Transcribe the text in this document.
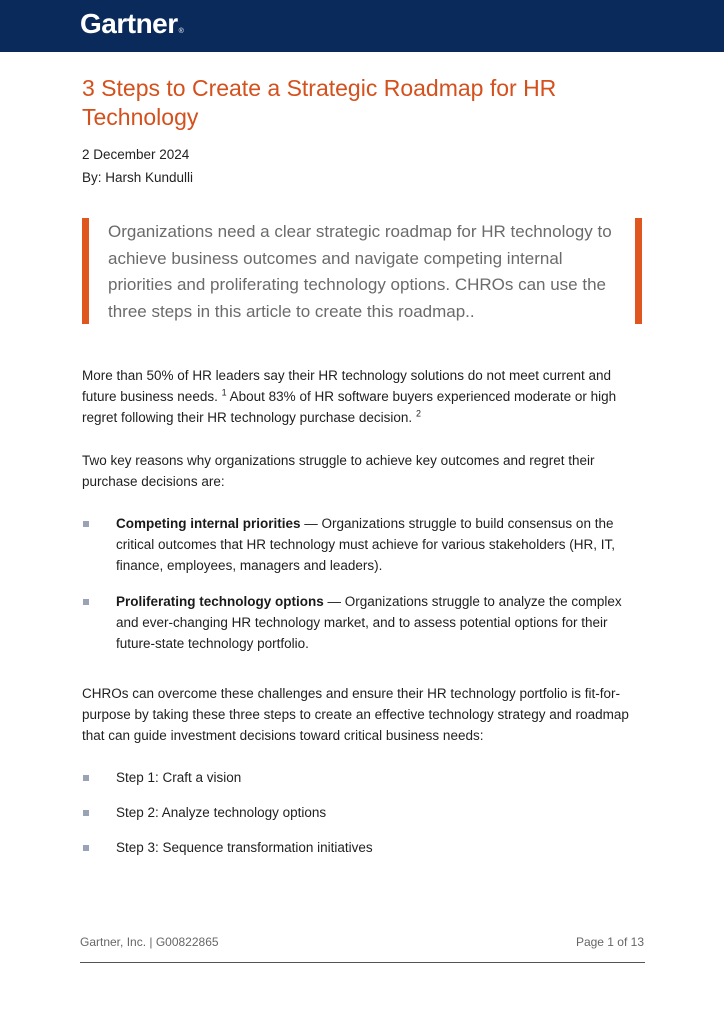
Gartner®
3 Steps to Create a Strategic Roadmap for HR Technology
2 December 2024
By: Harsh Kundulli
Organizations need a clear strategic roadmap for HR technology to achieve business outcomes and navigate competing internal priorities and proliferating technology options. CHROs can use the three steps in this article to create this roadmap..

More than 50% of HR leaders say their HR technology solutions do not meet current and future business needs. $^1$ About 83% of HR software buyers experienced moderate or high regret following their HR technology purchase decision. $^2$

Two key reasons why organizations struggle to achieve key outcomes and regret their purchase decisions are:

Competing internal priorities — Organizations struggle to build consensus on the critical outcomes that HR technology must achieve for various stakeholders (HR, IT, finance, employees, managers and leaders).
Proliferating technology options — Organizations struggle to analyze the complex and ever-changing HR technology market, and to assess potential options for their future-state technology portfolio.

CHROs can overcome these challenges and ensure their HR technology portfolio is fit-for-purpose by taking these three steps to create an effective technology strategy and roadmap that can guide investment decisions toward critical business needs:

Step 1: Craft a vision
Step 2: Analyze technology options
Step 3: Sequence transformation initiatives
Gartner, Inc. | G00822865	Page 1 of 13
